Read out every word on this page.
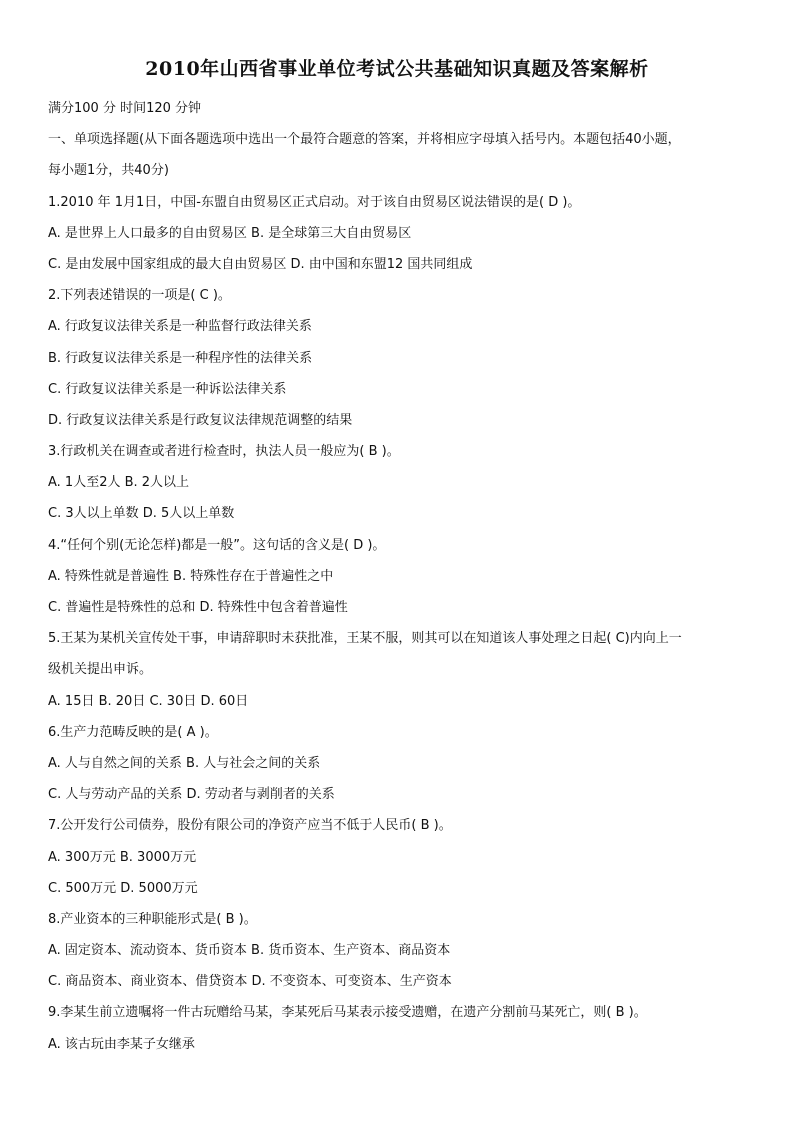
2010年山西省事业单位考试公共基础知识真题及答案解析
满分100 分 时间120 分钟
一、单项选择题(从下面各题选项中选出一个最符合题意的答案，并将相应字母填入括号内。本题包括40小题，
每小题1分，共40分)
1.2010 年 1月1日，中国-东盟自由贸易区正式启动。对于该自由贸易区说法错误的是( D )。
A. 是世界上人口最多的自由贸易区 B. 是全球第三大自由贸易区
C. 是由发展中国家组成的最大自由贸易区 D. 由中国和东盟12 国共同组成
2.下列表述错误的一项是( C )。
A. 行政复议法律关系是一种监督行政法律关系
B. 行政复议法律关系是一种程序性的法律关系
C. 行政复议法律关系是一种诉讼法律关系
D. 行政复议法律关系是行政复议法律规范调整的结果
3.行政机关在调查或者进行检查时，执法人员一般应为( B )。
A. 1人至2人 B. 2人以上
C. 3人以上单数 D. 5人以上单数
4.“任何个别(无论怎样)都是一般”。这句话的含义是( D )。
A. 特殊性就是普遍性 B. 特殊性存在于普遍性之中
C. 普遍性是特殊性的总和 D. 特殊性中包含着普遍性
5.王某为某机关宣传处干事，申请辞职时未获批准，王某不服，则其可以在知道该人事处理之日起( C)内向上一
级机关提出申诉。
A. 15日 B. 20日 C. 30日 D. 60日
6.生产力范畴反映的是( A )。
A. 人与自然之间的关系 B. 人与社会之间的关系
C. 人与劳动产品的关系 D. 劳动者与剥削者的关系
7.公开发行公司债券，股份有限公司的净资产应当不低于人民币( B )。
A. 300万元 B. 3000万元
C. 500万元 D. 5000万元
8.产业资本的三种职能形式是( B )。
A. 固定资本、流动资本、货币资本 B. 货币资本、生产资本、商品资本
C. 商品资本、商业资本、借贷资本 D. 不变资本、可变资本、生产资本
9.李某生前立遗嘱将一件古玩赠给马某，李某死后马某表示接受遗赠，在遗产分割前马某死亡，则( B )。
A. 该古玩由李某子女继承
